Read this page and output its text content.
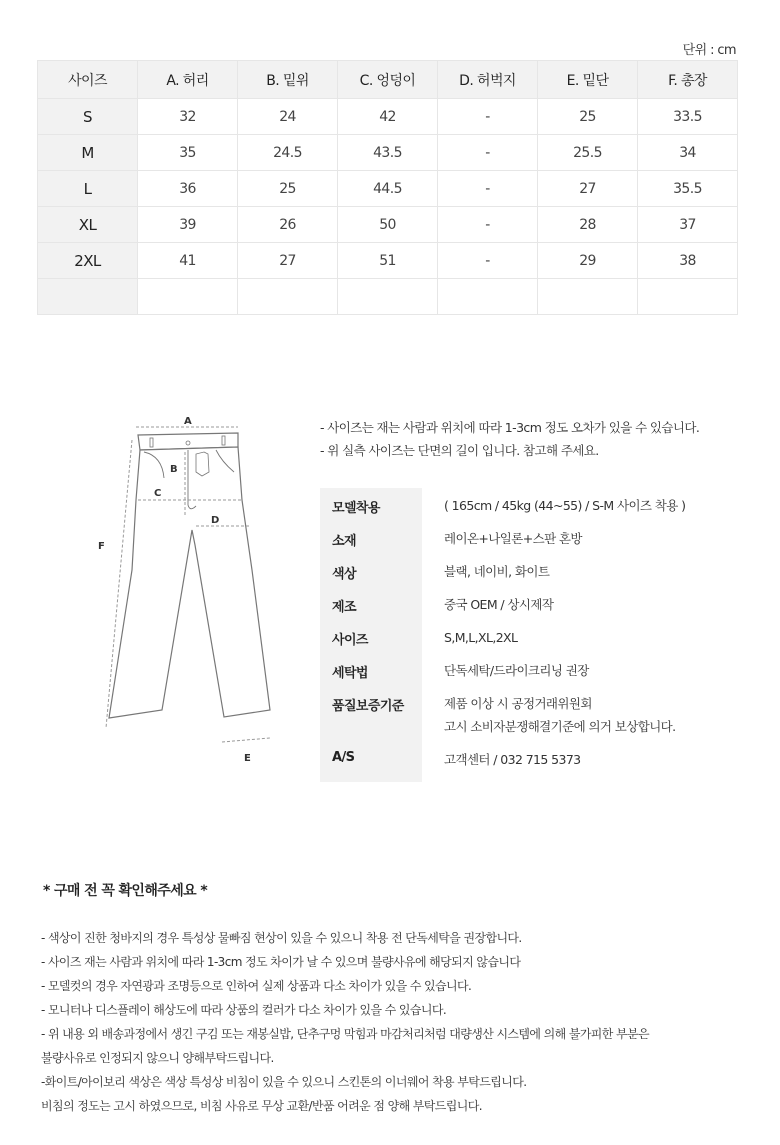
단위 : cm
사이즈	A. 허리	B. 밑위	C. 엉덩이	D. 허벅지	E. 밑단	F. 총장
S	32	24	42	-	25	33.5
M	35	24.5	43.5	-	25.5	34
L	36	25	44.5	-	27	35.5
XL	39	26	50	-	28	37
2XL	41	27	51	-	29	38

A
B
C
D
E
F
- 사이즈는 재는 사람과 위치에 따라 1-3cm 정도 오차가 있을 수 있습니다.
- 위 실측 사이즈는 단면의 길이 입니다. 참고해 주세요.
모델착용	( 165cm / 45kg (44~55) / S-M 사이즈 착용 )
소재	레이온+나일론+스판 혼방
색상	블랙, 네이비, 화이트
제조	중국 OEM / 상시제작
사이즈	S,M,L,XL,2XL
세탁법	단독세탁/드라이크리닝 권장
품질보증기준	제품 이상 시 공정거래위원회
고시 소비자분쟁해결기준에 의거 보상합니다.
A/S	고객센터 / 032 715 5373
* 구매 전 꼭 확인해주세요 *
- 색상이 진한 청바지의 경우 특성상 물빠짐 현상이 있을 수 있으니 착용 전 단독세탁을 권장합니다.
- 사이즈 재는 사람과 위치에 따라 1-3cm 정도 차이가 날 수 있으며 불량사유에 해당되지 않습니다
- 모델컷의 경우 자연광과 조명등으로 인하여 실제 상품과 다소 차이가 있을 수 있습니다.
- 모니터나 디스플레이 해상도에 따라 상품의 컬러가 다소 차이가 있을 수 있습니다.
- 위 내용 외 배송과정에서 생긴 구김 또는 재봉실밥, 단추구멍 막힘과 마감처리처럼 대량생산 시스템에 의해 불가피한 부분은
불량사유로 인정되지 않으니 양해부탁드립니다.
-화이트/아이보리 색상은 색상 특성상 비침이 있을 수 있으니 스킨톤의 이너웨어 착용 부탁드립니다.
비침의 정도는 고시 하였으므로, 비침 사유로 무상 교환/반품 어려운 점 양해 부탁드립니다.
